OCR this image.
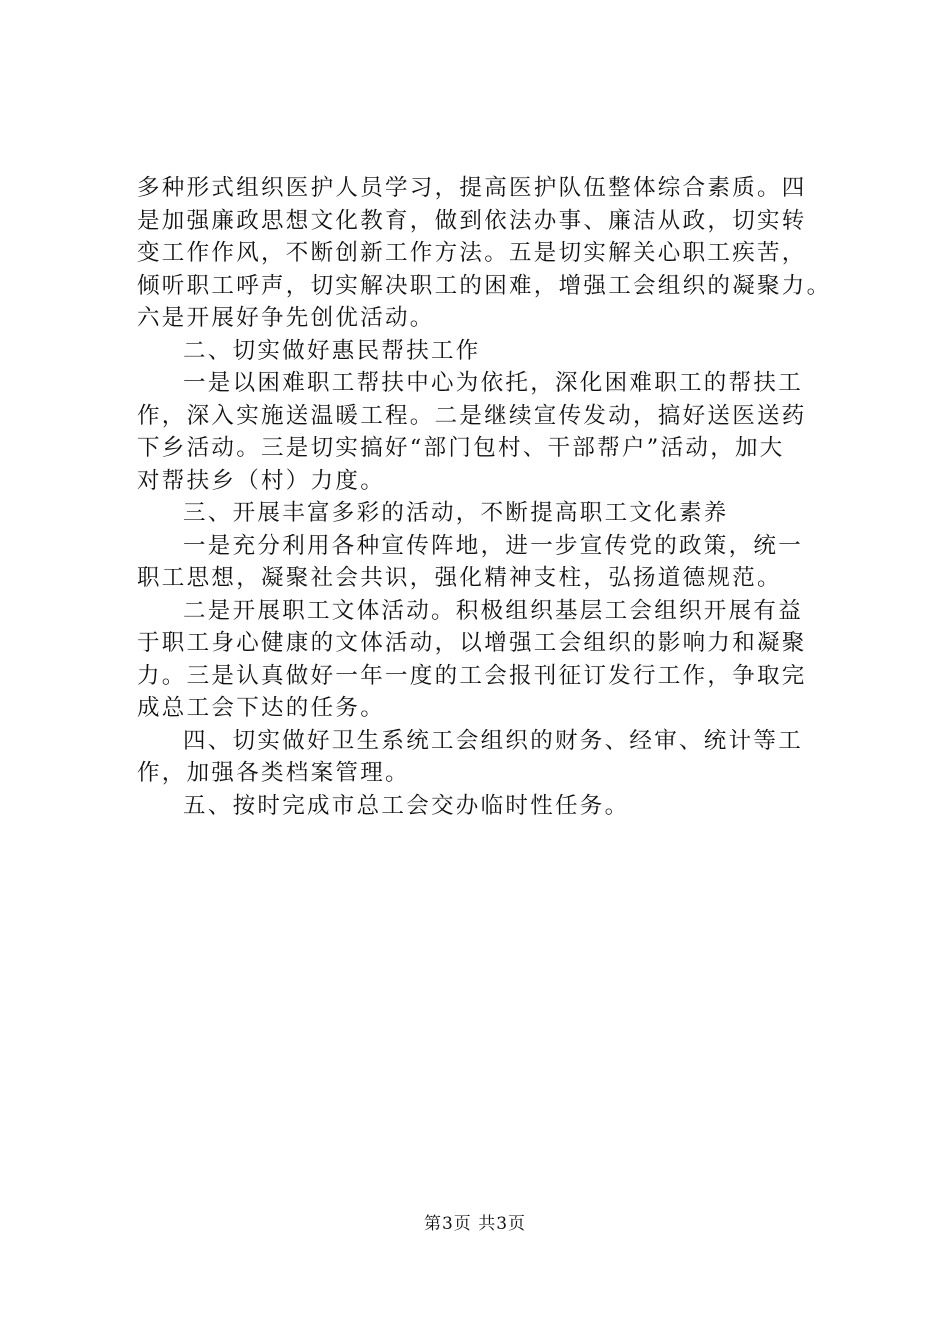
多种形式组织医护人员学习，提高医护队伍整体综合素质。四

是加强廉政思想文化教育，做到依法办事、廉洁从政，切实转

变工作作风，不断创新工作方法。五是切实解关心职工疾苦，

倾听职工呼声，切实解决职工的困难，增强工会组织的凝聚力。

六是开展好争先创优活动。

二、切实做好惠民帮扶工作

一是以困难职工帮扶中心为依托，深化困难职工的帮扶工

作，深入实施送温暖工程。二是继续宣传发动，搞好送医送药

下乡活动。三是切实搞好“部门包村、干部帮户”活动，加大

对帮扶乡（村）力度。

三、开展丰富多彩的活动，不断提高职工文化素养

一是充分利用各种宣传阵地，进一步宣传党的政策，统一

职工思想，凝聚社会共识，强化精神支柱，弘扬道德规范。

二是开展职工文体活动。积极组织基层工会组织开展有益

于职工身心健康的文体活动，以增强工会组织的影响力和凝聚

力。三是认真做好一年一度的工会报刊征订发行工作，争取完

成总工会下达的任务。

四、切实做好卫生系统工会组织的财务、经审、统计等工

作，加强各类档案管理。

五、按时完成市总工会交办临时性任务。

第3页 共3页
